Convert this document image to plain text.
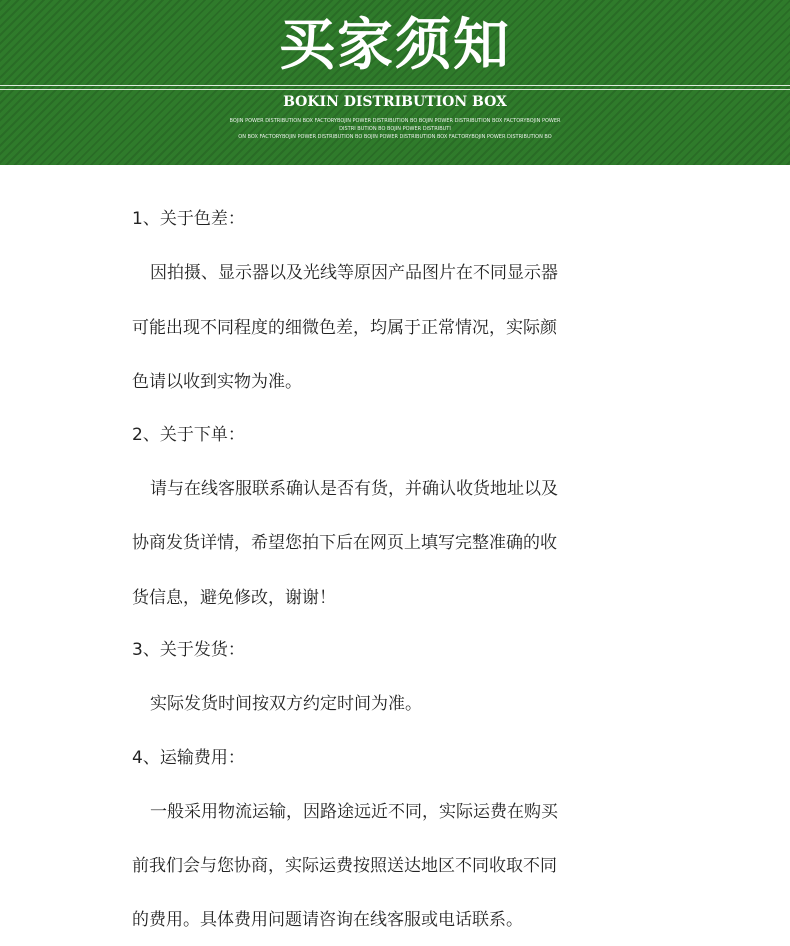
买家须知
BOKIN DISTRIBUTION BOX
BOJIN POWER DISTRIBUTION BOX FACTORYBOJIN POWER DISTRIBUTION BO BOJIN POWER DISTRIBUTION BOX FACTORYBOJIN POWER
DISTRI BUTION BO BOJIN POWER DISTRIBUTI
ON BOX FACTORYBOJIN POWER DISTRIBUTION BO BOJIN POWER DISTRIBUTION BOX FACTORYBOJIN POWER DISTRIBUTION BO
1、关于色差：
因拍摄、显示器以及光线等原因产品图片在不同显示器
可能出现不同程度的细微色差，均属于正常情况，实际颜
色请以收到实物为准。
2、关于下单：
请与在线客服联系确认是否有货，并确认收货地址以及
协商发货详情，希望您拍下后在网页上填写完整准确的收
货信息，避免修改，谢谢！
3、关于发货：
实际发货时间按双方约定时间为准。
4、运输费用：
一般采用物流运输，因路途远近不同，实际运费在购买
前我们会与您协商，实际运费按照送达地区不同收取不同
的费用。具体费用问题请咨询在线客服或电话联系。
